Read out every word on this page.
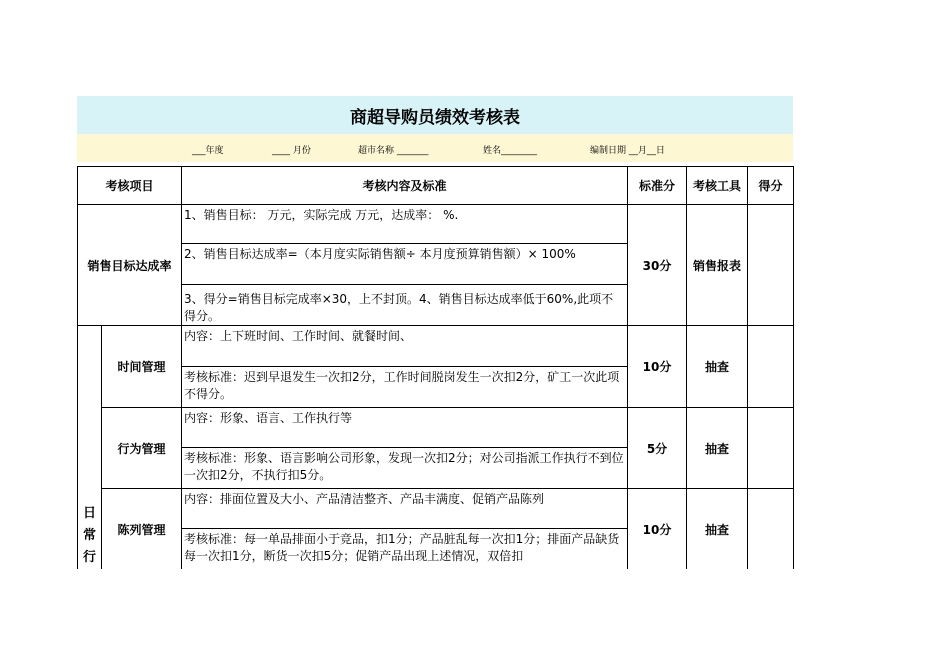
商超导购员绩效考核表
___年度	____ 月份	超市名称 _______	姓名________	编制日期 __月__日
考核项目		考核内容及标准	标准分	考核工具	得分
销售目标达成率		1、销售目标： 万元，实际完成 万元，达成率： %.	30分	销售报表	
		2、销售目标达成率=（本月度实际销售额÷ 本月度预算销售额）× 100%			
		3、得分=销售目标完成率×30，上不封顶。4、销售目标达成率低于60%,此项不得分。			

日常行	时间管理	内容：上下班时间、工作时间、就餐时间、	10分	抽查	
		考核标准：迟到早退发生一次扣2分，工作时间脱岗发生一次扣2分，矿工一次此项不得分。			
	行为管理	内容：形象、语言、工作执行等	5分	抽查	
		考核标准：形象、语言影响公司形象，发现一次扣2分；对公司指派工作执行不到位一次扣2分，不执行扣5分。			
	陈列管理	内容：排面位置及大小、产品清洁整齐、产品丰满度、促销产品陈列	10分	抽查	
		考核标准：每一单品排面小于竞品，扣1分；产品脏乱每一次扣1分；排面产品缺货每一次扣1分，断货一次扣5分；促销产品出现上述情况，双倍扣			
